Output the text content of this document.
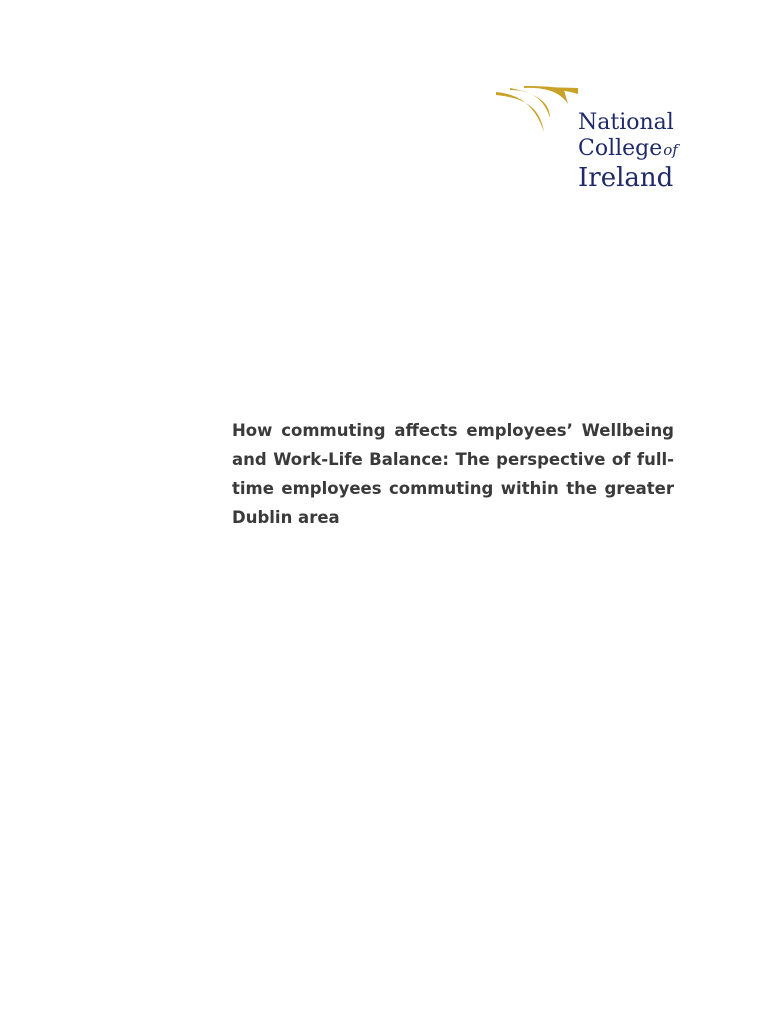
National
Collegeof
Ireland

How commuting affects employees’ Wellbeing and Work-Life Balance: The perspective of full-time employees commuting within the greater Dublin area
